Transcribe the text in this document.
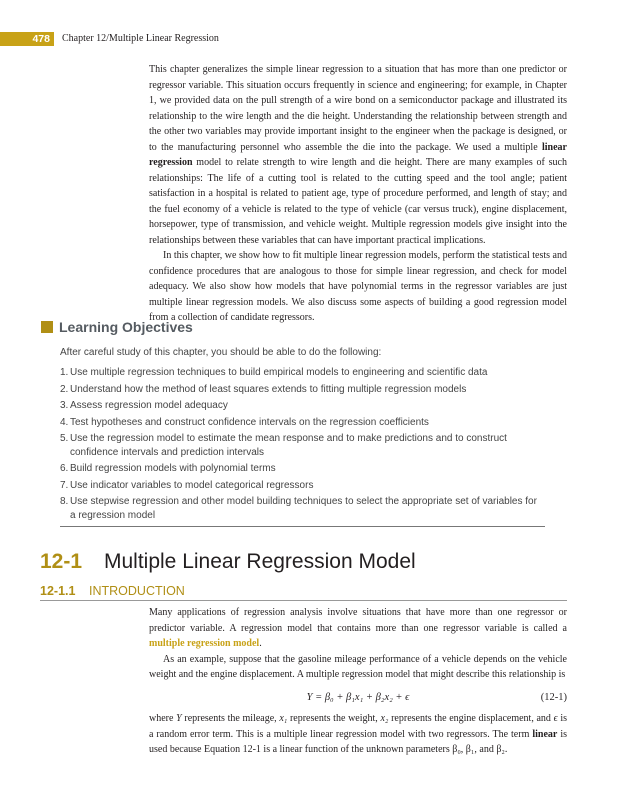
478	Chapter 12/Multiple Linear Regression

This chapter generalizes the simple linear regression to a situation that has more than one predictor or regressor variable. This situation occurs frequently in science and engineering; for example, in Chapter 1, we provided data on the pull strength of a wire bond on a semiconductor package and illustrated its relationship to the wire length and the die height. Understanding the relationship between strength and the other two variables may provide important insight to the engineer when the package is designed, or to the manufacturing personnel who assemble the die into the package. We used a multiple linear regression model to relate strength to wire length and die height. There are many examples of such relationships: The life of a cutting tool is related to the cutting speed and the tool angle; patient satisfaction in a hospital is related to patient age, type of procedure performed, and length of stay; and the fuel economy of a vehicle is related to the type of vehicle (car versus truck), engine displacement, horsepower, type of transmission, and vehicle weight. Multiple regression models give insight into the relationships between these variables that can have important practical implications.

In this chapter, we show how to fit multiple linear regression models, perform the statistical tests and confidence procedures that are analogous to those for simple linear regression, and check for model adequacy. We also show how models that have polynomial terms in the regressor variables are just multiple linear regression models. We also discuss some aspects of building a good regression model from a collection of candidate regressors.

Learning Objectives
After careful study of this chapter, you should be able to do the following:
1. Use multiple regression techniques to build empirical models to engineering and scientific data
2. Understand how the method of least squares extends to fitting multiple regression models
3. Assess regression model adequacy
4. Test hypotheses and construct confidence intervals on the regression coefficients
5. Use the regression model to estimate the mean response and to make predictions and to construct confidence intervals and prediction intervals
6. Build regression models with polynomial terms
7. Use indicator variables to model categorical regressors
8. Use stepwise regression and other model building techniques to select the appropriate set of variables for a regression model
12-1 Multiple Linear Regression Model
12-1.1 INTRODUCTION

Many applications of regression analysis involve situations that have more than one regressor or predictor variable. A regression model that contains more than one regressor variable is called a multiple regression model.

As an example, suppose that the gasoline mileage performance of a vehicle depends on the vehicle weight and the engine displacement. A multiple regression model that might describe this relationship is

Y = β₀ + β₁x₁ + β₂x₂ + ϵ	(12-1)

where Y represents the mileage, x₁ represents the weight, x₂ represents the engine displacement, and ϵ is a random error term. This is a multiple linear regression model with two regressors. The term linear is used because Equation 12-1 is a linear function of the unknown parameters β₀, β₁, and β₂.
